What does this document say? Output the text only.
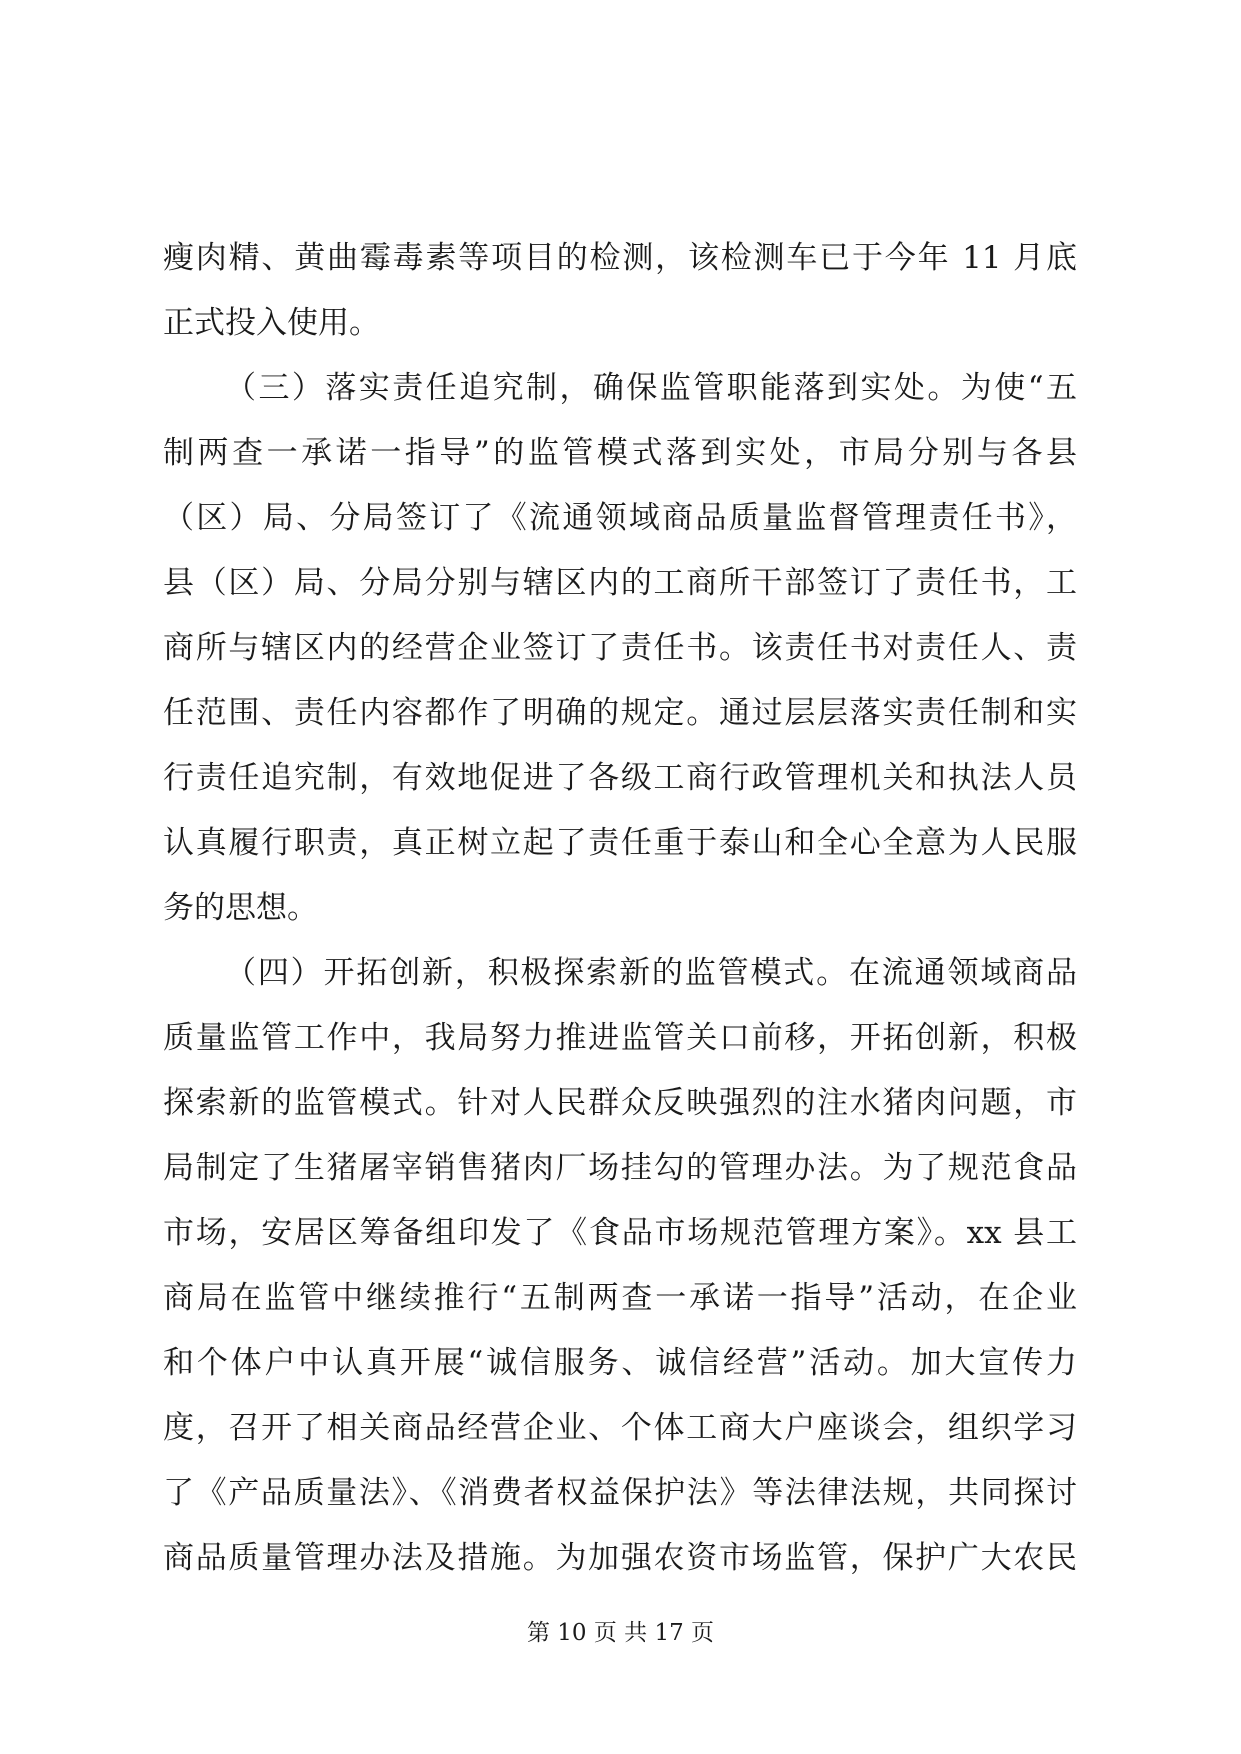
瘦肉精、黄曲霉毒素等项目的检测，该检测车已于今年 11 月底
正式投入使用。
（三）落实责任追究制，确保监管职能落到实处。为使“五
制两查一承诺一指导”的监管模式落到实处，市局分别与各县
（区）局、分局签订了《流通领域商品质量监督管理责任书》，
县（区）局、分局分别与辖区内的工商所干部签订了责任书，工
商所与辖区内的经营企业签订了责任书。该责任书对责任人、责
任范围、责任内容都作了明确的规定。通过层层落实责任制和实
行责任追究制，有效地促进了各级工商行政管理机关和执法人员
认真履行职责，真正树立起了责任重于泰山和全心全意为人民服
务的思想。
（四）开拓创新，积极探索新的监管模式。在流通领域商品
质量监管工作中，我局努力推进监管关口前移，开拓创新，积极
探索新的监管模式。针对人民群众反映强烈的注水猪肉问题，市
局制定了生猪屠宰销售猪肉厂场挂勾的管理办法。为了规范食品
市场，安居区筹备组印发了《食品市场规范管理方案》。xx 县工
商局在监管中继续推行“五制两查一承诺一指导”活动，在企业
和个体户中认真开展“诚信服务、诚信经营”活动。加大宣传力
度，召开了相关商品经营企业、个体工商大户座谈会，组织学习
了《产品质量法》、《消费者权益保护法》等法律法规，共同探讨
商品质量管理办法及措施。为加强农资市场监管，保护广大农民
第 10 页 共 17 页
